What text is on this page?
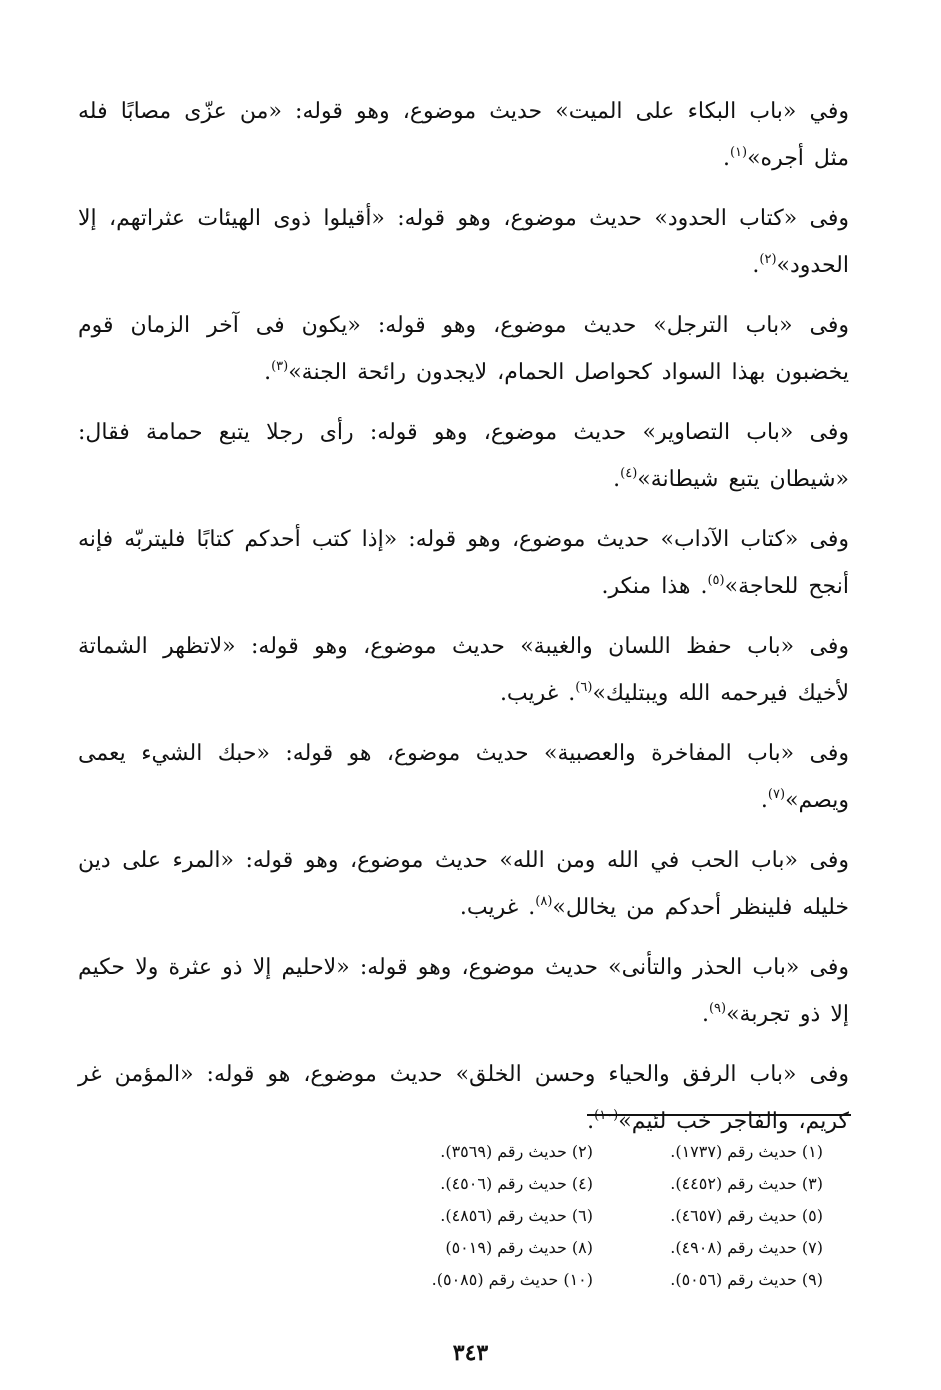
وفي «باب البكاء على الميت» حديث موضوع، وهو قوله: «من عزّى مصابًا فله مثل أجره»$^{(١)}$.

وفى «كتاب الحدود» حديث موضوع، وهو قوله: «أقيلوا ذوى الهيئات عثراتهم، إلا الحدود»$^{(٢)}$.

وفى «باب الترجل» حديث موضوع، وهو قوله: «يكون فى آخر الزمان قوم يخضبون بهذا السواد كحواصل الحمام، لايجدون رائحة الجنة»$^{(٣)}$.

وفى «باب التصاوير» حديث موضوع، وهو قوله: رأى رجلا يتبع حمامة فقال: «شيطان يتبع شيطانة»$^{(٤)}$.

وفى «كتاب الآداب» حديث موضوع، وهو قوله: «إذا كتب أحدكم كتابًا فليتربّه فإنه أنجح للحاجة»$^{(٥)}$. هذا منكر.

وفى «باب حفظ اللسان والغيبة» حديث موضوع، وهو قوله: «لاتظهر الشماتة لأخيك فيرحمه الله ويبتليك»$^{(٦)}$. غريب.

وفى «باب المفاخرة والعصبية» حديث موضوع، هو قوله: «حبك الشيء يعمى ويصم»$^{(٧)}$.

وفى «باب الحب في الله ومن الله» حديث موضوع، وهو قوله: «المرء على دين خليله فلينظر أحدكم من يخالل»$^{(٨)}$. غريب.

وفى «باب الحذر والتأنى» حديث موضوع، وهو قوله: «لاحليم إلا ذو عثرة ولا حكيم إلا ذو تجربة»$^{(٩)}$.

وفى «باب الرفق والحياء وحسن الخلق» حديث موضوع، هو قوله: «المؤمن غر كريم، والفاجر خب لئيم»$^{(١٠)}$.

(١) حديث رقم (١٧٣٧).
(٢) حديث رقم (٣٥٦٩).
(٣) حديث رقم (٤٤٥٢).
(٤) حديث رقم (٤٥٠٦).
(٥) حديث رقم (٤٦٥٧).
(٦) حديث رقم (٤٨٥٦).
(٧) حديث رقم (٤٩٠٨).
(٨) حديث رقم (٥٠١٩)
(٩) حديث رقم (٥٠٥٦).
(١٠) حديث رقم (٥٠٨٥).
٣٤٣
